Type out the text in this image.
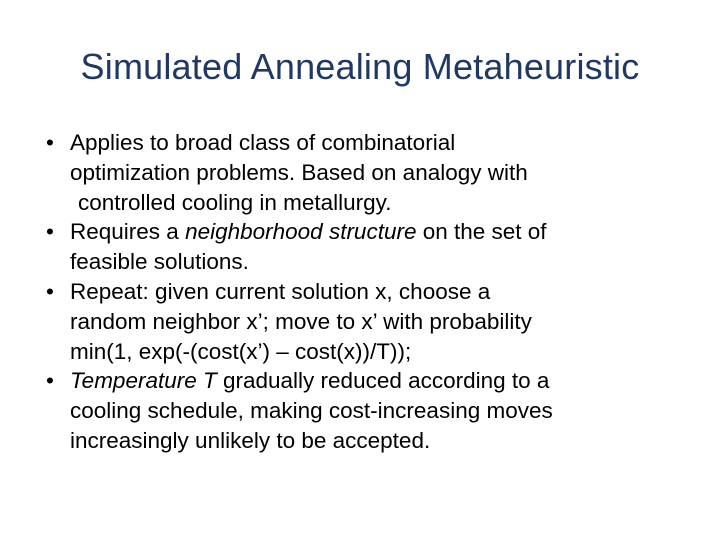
Simulated Annealing Metaheuristic
• Applies to broad class of combinatorial
optimization problems. Based on analogy with
controlled cooling in metallurgy.
• Requires a neighborhood structure on the set of
feasible solutions.
• Repeat: given current solution x, choose a
random neighbor x’; move to x’ with probability
min(1, exp(-(cost(x’) – cost(x))/T));
• Temperature T gradually reduced according to a
cooling schedule, making cost-increasing moves
increasingly unlikely to be accepted.
